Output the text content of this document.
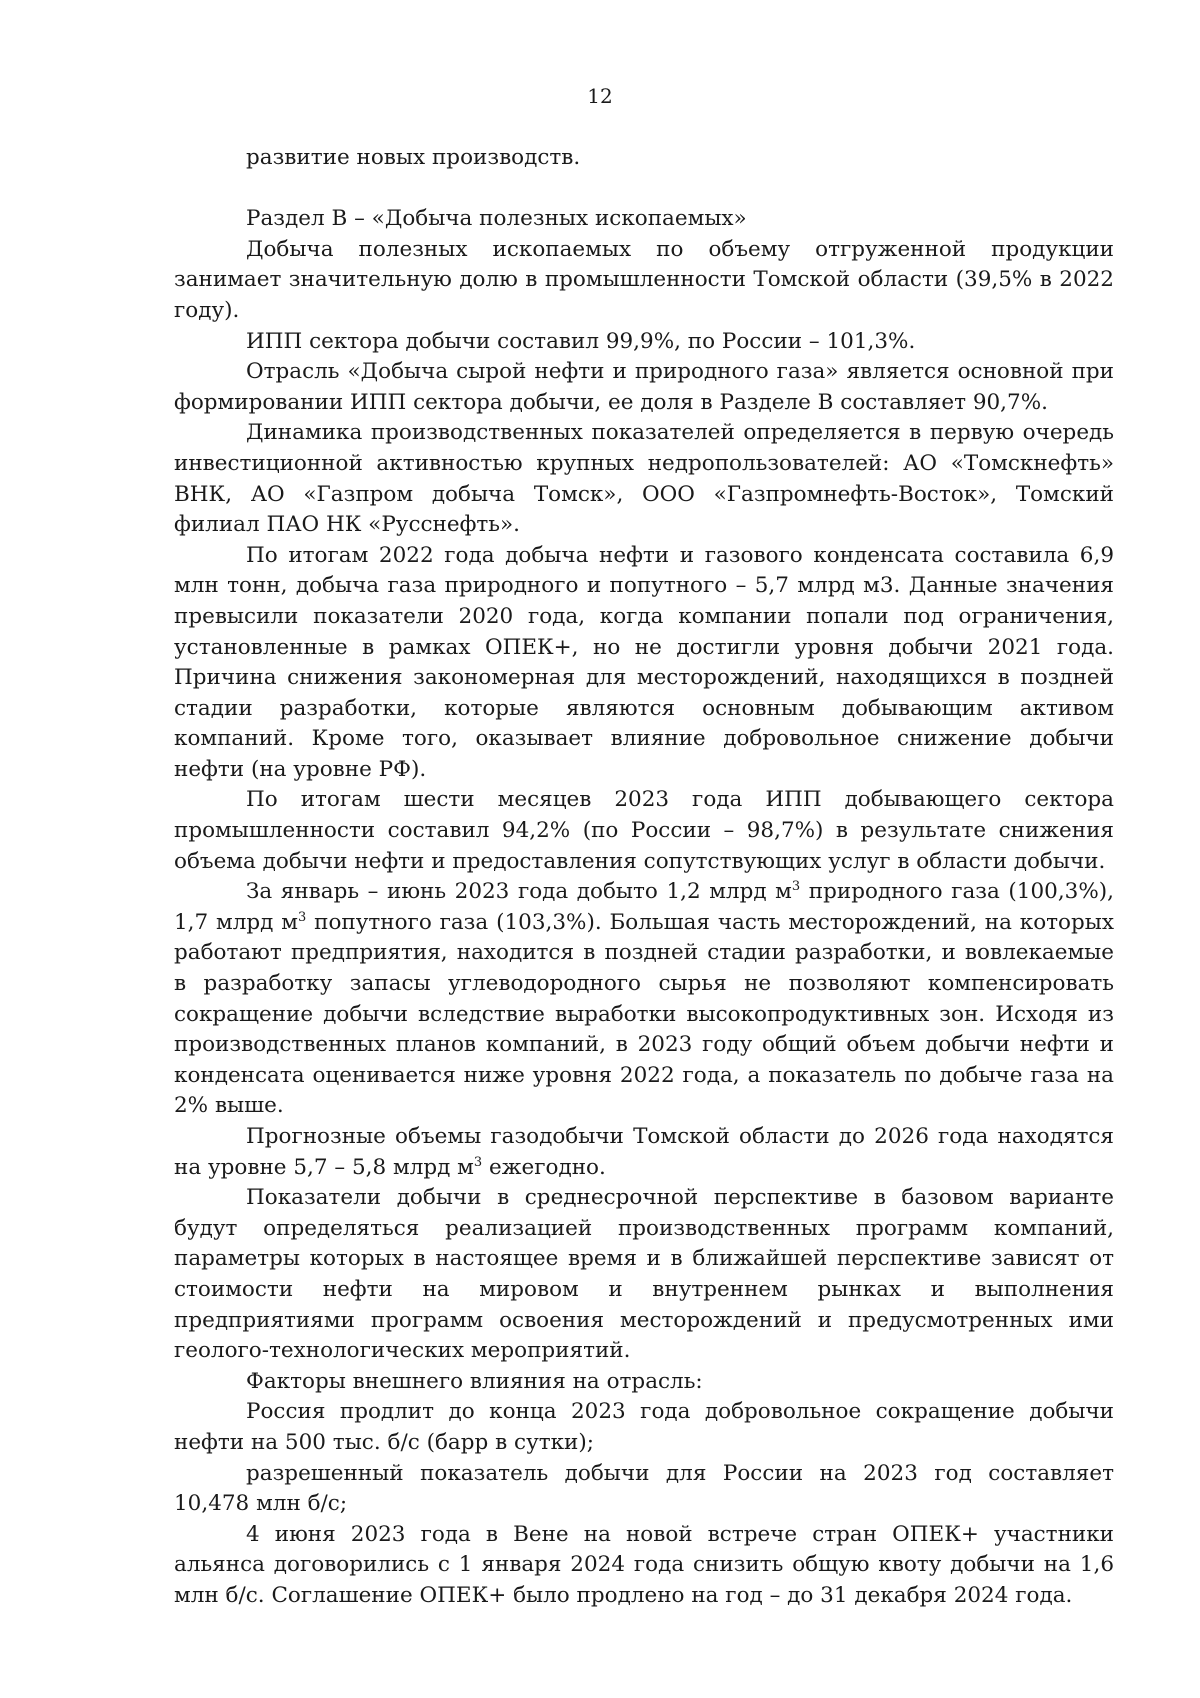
12

развитие новых производств.

Раздел В – «Добыча полезных ископаемых»

Добыча полезных ископаемых по объему отгруженной продукции занимает значительную долю в промышленности Томской области (39,5% в 2022 году).

ИПП сектора добычи составил 99,9%, по России – 101,3%.

Отрасль «Добыча сырой нефти и природного газа» является основной при формировании ИПП сектора добычи, ее доля в Разделе В составляет 90,7%.

Динамика производственных показателей определяется в первую очередь инвестиционной активностью крупных недропользователей: АО «Томскнефть» ВНК, АО «Газпром добыча Томск», ООО «Газпромнефть-Восток», Томский филиал ПАО НК «Русснефть».

По итогам 2022 года добыча нефти и газового конденсата составила 6,9 млн тонн, добыча газа природного и попутного – 5,7 млрд м3. Данные значения превысили показатели 2020 года, когда компании попали под ограничения, установленные в рамках ОПЕК+, но не достигли уровня добычи 2021 года. Причина снижения закономерная для месторождений, находящихся в поздней стадии разработки, которые являются основным добывающим активом компаний. Кроме того, оказывает влияние добровольное снижение добычи нефти (на уровне РФ).

По итогам шести месяцев 2023 года ИПП добывающего сектора промышленности составил 94,2% (по России – 98,7%) в результате снижения объема добычи нефти и предоставления сопутствующих услуг в области добычи.

За январь – июнь 2023 года добыто 1,2 млрд $м^3$ природного газа (100,3%), 1,7 млрд $м^3$ попутного газа (103,3%). Большая часть месторождений, на которых работают предприятия, находится в поздней стадии разработки, и вовлекаемые в разработку запасы углеводородного сырья не позволяют компенсировать сокращение добычи вследствие выработки высокопродуктивных зон. Исходя из производственных планов компаний, в 2023 году общий объем добычи нефти и конденсата оценивается ниже уровня 2022 года, а показатель по добыче газа на 2% выше.

Прогнозные объемы газодобычи Томской области до 2026 года находятся на уровне 5,7 – 5,8 млрд $м^3$ ежегодно.

Показатели добычи в среднесрочной перспективе в базовом варианте будут определяться реализацией производственных программ компаний, параметры которых в настоящее время и в ближайшей перспективе зависят от стоимости нефти на мировом и внутреннем рынках и выполнения предприятиями программ освоения месторождений и предусмотренных ими геолого-технологических мероприятий.

Факторы внешнего влияния на отрасль:

Россия продлит до конца 2023 года добровольное сокращение добычи нефти на 500 тыс. б/с (барр в сутки);

разрешенный показатель добычи для России на 2023 год составляет 10,478 млн б/с;

4 июня 2023 года в Вене на новой встрече стран ОПЕК+ участники альянса договорились с 1 января 2024 года снизить общую квоту добычи на 1,6 млн б/с. Соглашение ОПЕК+ было продлено на год – до 31 декабря 2024 года.
